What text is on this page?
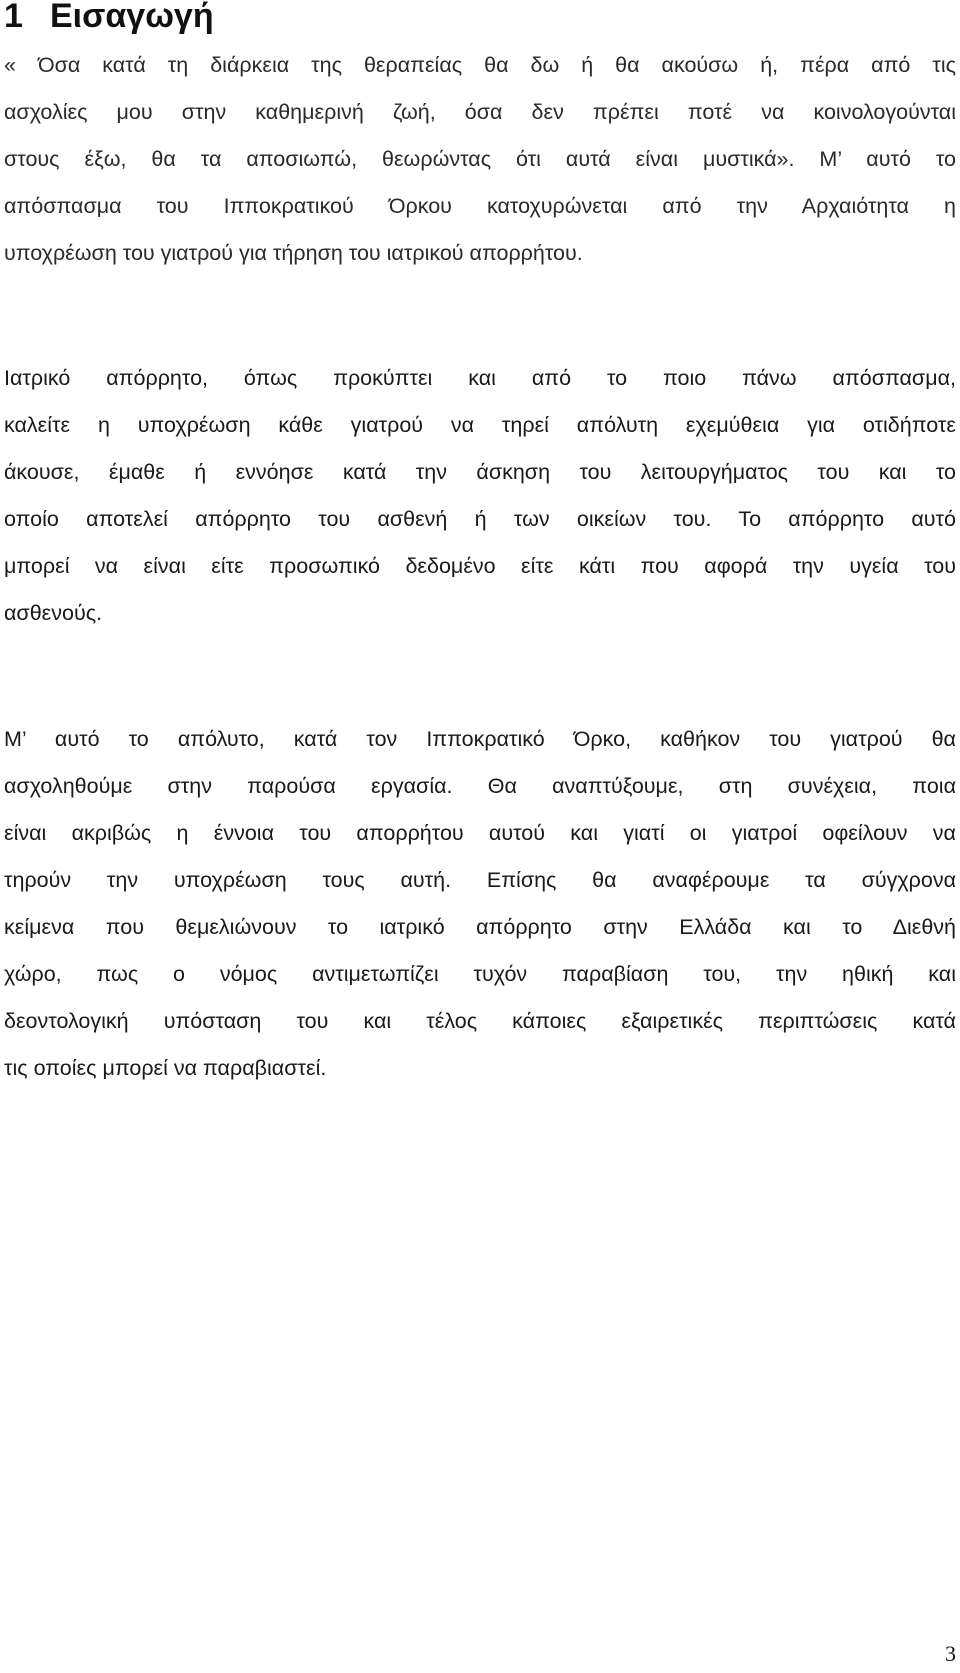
1 Εισαγωγή
« Όσα κατά τη διάρκεια της θεραπείας θα δω ή θα ακούσω ή, πέρα από τις
ασχολίες μου στην καθημερινή ζωή, όσα δεν πρέπει ποτέ να κοινολογούνται
στους έξω, θα τα αποσιωπώ, θεωρώντας ότι αυτά είναι μυστικά». Μ’ αυτό το
απόσπασμα του Ιπποκρατικού Όρκου κατοχυρώνεται από την Αρχαιότητα η
υποχρέωση του γιατρού για τήρηση του ιατρικού απορρήτου.
Ιατρικό απόρρητο, όπως προκύπτει και από το ποιο πάνω απόσπασμα,
καλείτε η υποχρέωση κάθε γιατρού να τηρεί απόλυτη εχεμύθεια για οτιδήποτε
άκουσε, έμαθε ή εννόησε κατά την άσκηση του λειτουργήματος του και το
οποίο αποτελεί απόρρητο του ασθενή ή των οικείων του. Το απόρρητο αυτό
μπορεί να είναι είτε προσωπικό δεδομένο είτε κάτι που αφορά την υγεία του
ασθενούς.
Μ’ αυτό το απόλυτο, κατά τον Ιπποκρατικό Όρκο, καθήκον του γιατρού θα
ασχοληθούμε στην παρούσα εργασία. Θα αναπτύξουμε, στη συνέχεια, ποια
είναι ακριβώς η έννοια του απορρήτου αυτού και γιατί οι γιατροί οφείλουν να
τηρούν την υποχρέωση τους αυτή. Επίσης θα αναφέρουμε τα σύγχρονα
κείμενα που θεμελιώνουν το ιατρικό απόρρητο στην Ελλάδα και το Διεθνή
χώρο, πως ο νόμος αντιμετωπίζει τυχόν παραβίαση του, την ηθική και
δεοντολογική υπόσταση του και τέλος κάποιες εξαιρετικές περιπτώσεις κατά
τις οποίες μπορεί να παραβιαστεί.
3
